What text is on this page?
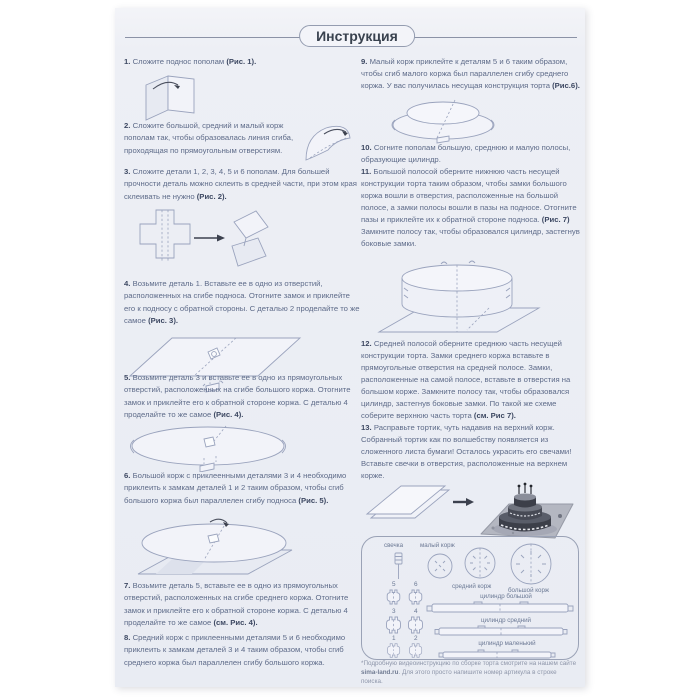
Инструкция
1. Сложите поднос пополам (Рис. 1).
2. Сложите большой, средний и малый корж пополам так, чтобы образовалась линия сгиба, проходящая по прямоугольным отверстиям.
3. Сложите детали 1, 2, 3, 4, 5 и 6 пополам. Для большей прочности деталь можно склеить в средней части, при этом края склеивать не нужно (Рис. 2).
4. Возьмите деталь 1. Вставьте ее в одно из отверстий, расположенных на сгибе подноса. Отогните замок и приклейте его к подносу с обратной стороны. С деталью 2 проделайте то же самое (Рис. 3).
5. Возьмите деталь 3 и вставьте ее в одно из прямоугольных отверстий, расположенных на сгибе большого коржа. Отогните замок и приклейте его к обратной стороне коржа. С деталью 4 проделайте то же самое (Рис. 4).
6. Большой корж с приклеенными деталями 3 и 4 необходимо приклеить к замкам деталей 1 и 2 таким образом, чтобы сгиб большого коржа был параллелен сгибу подноса (Рис. 5).
7. Возьмите деталь 5, вставьте ее в одно из прямоугольных отверстий, расположенных на сгибе среднего коржа. Отогните замок и приклейте его к обратной стороне коржа. С деталью 4 проделайте то же самое (см. Рис. 4).
8. Средний корж с приклеенными деталями 5 и 6 необходимо приклеить к замкам деталей 3 и 4 таким образом, чтобы сгиб среднего коржа был параллелен сгибу большого коржа.
9. Малый корж приклейте к деталям 5 и 6 таким образом, чтобы сгиб малого коржа был параллелен сгибу среднего коржа. У вас получилась несущая конструкция торта (Рис.6).
10. Согните пополам большую, среднюю и малую полосы, образующие цилиндр.
11. Большой полосой оберните нижнюю часть несущей конструкции торта таким образом, чтобы замки большого коржа вошли в отверстия, расположенные на большой полосе, а замки полосы вошли в пазы на подносе. Отогните пазы и приклейте их к обратной стороне подноса. (Рис. 7) Замкните полосу так, чтобы образовался цилиндр, застегнув боковые замки.
12. Средней полосой оберните среднюю часть несущей конструкции торта. Замки среднего коржа вставьте в прямоугольные отверстия на средней полосе. Замки, расположенные на самой полосе, вставьте в отверстия на большом корже. Замкните полосу так, чтобы образовался цилиндр, застегнув боковые замки. По такой же схеме соберите верхнюю часть торта (см. Рис 7).
13. Расправьте тортик, чуть надавив на верхний корж. Собранный тортик как по волшебству появляется из сложенного листа бумаги! Осталось украсить его свечами! Вставьте свечки в отверстия, расположенные на верхнем корже.
свечка	малый корж
средний корж
большой корж
5	6
3	4
1	2
цилиндр большой
цилиндр средний
цилиндр маленький
*Подробную видеоинструкцию по сборке торта смотрите на нашем сайте sima-land.ru. Для этого просто напишите номер артикула в строке поиска.
